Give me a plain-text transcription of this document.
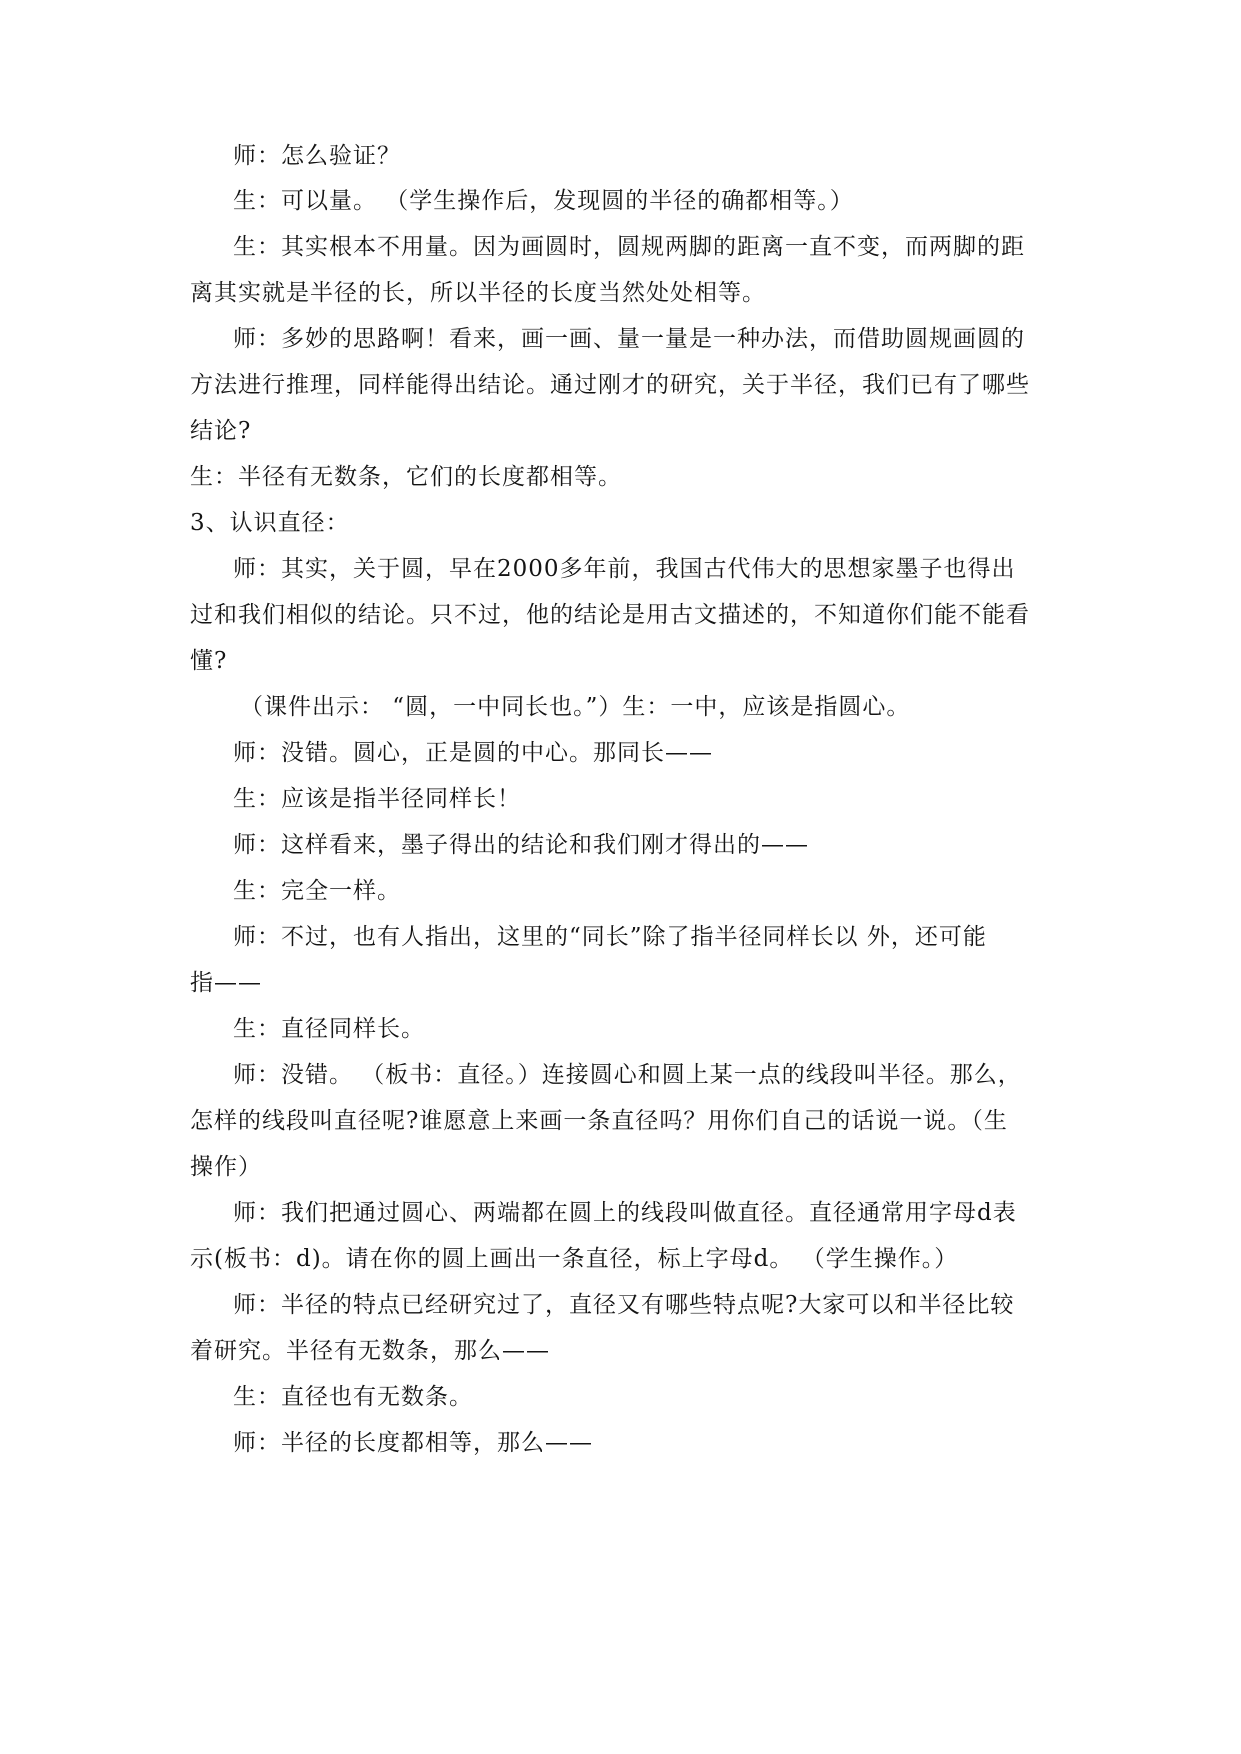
师：怎么验证？
生：可以量。 （学生操作后，发现圆的半径的确都相等。）
生：其实根本不用量。因为画圆时，圆规两脚的距离一直不变，而两脚的距
离其实就是半径的长，所以半径的长度当然处处相等。
师：多妙的思路啊！看来，画一画、量一量是一种办法，而借助圆规画圆的
方法进行推理，同样能得出结论。通过刚才的研究，关于半径，我们已有了哪些
结论?
生：半径有无数条，它们的长度都相等。
3、认识直径：
师：其实，关于圆，早在2000多年前，我国古代伟大的思想家墨子也得出
过和我们相似的结论。只不过，他的结论是用古文描述的，不知道你们能不能看
懂?
（课件出示： “圆，一中同长也。”）生：一中，应该是指圆心。
师：没错。圆心，正是圆的中心。那同长——
生：应该是指半径同样长！
师：这样看来，墨子得出的结论和我们刚才得出的——
生：完全一样。
师：不过，也有人指出，这里的“同长”除了指半径同样长以 外，还可能
指——
生：直径同样长。
师：没错。 （板书：直径。）连接圆心和圆上某一点的线段叫半径。那么，
怎样的线段叫直径呢?谁愿意上来画一条直径吗？用你们自己的话说一说。（生
操作）
师：我们把通过圆心、两端都在圆上的线段叫做直径。直径通常用字母d表
示(板书：d)。请在你的圆上画出一条直径，标上字母d。 （学生操作。）
师：半径的特点已经研究过了，直径又有哪些特点呢?大家可以和半径比较
着研究。半径有无数条，那么——
生：直径也有无数条。
师：半径的长度都相等，那么——
